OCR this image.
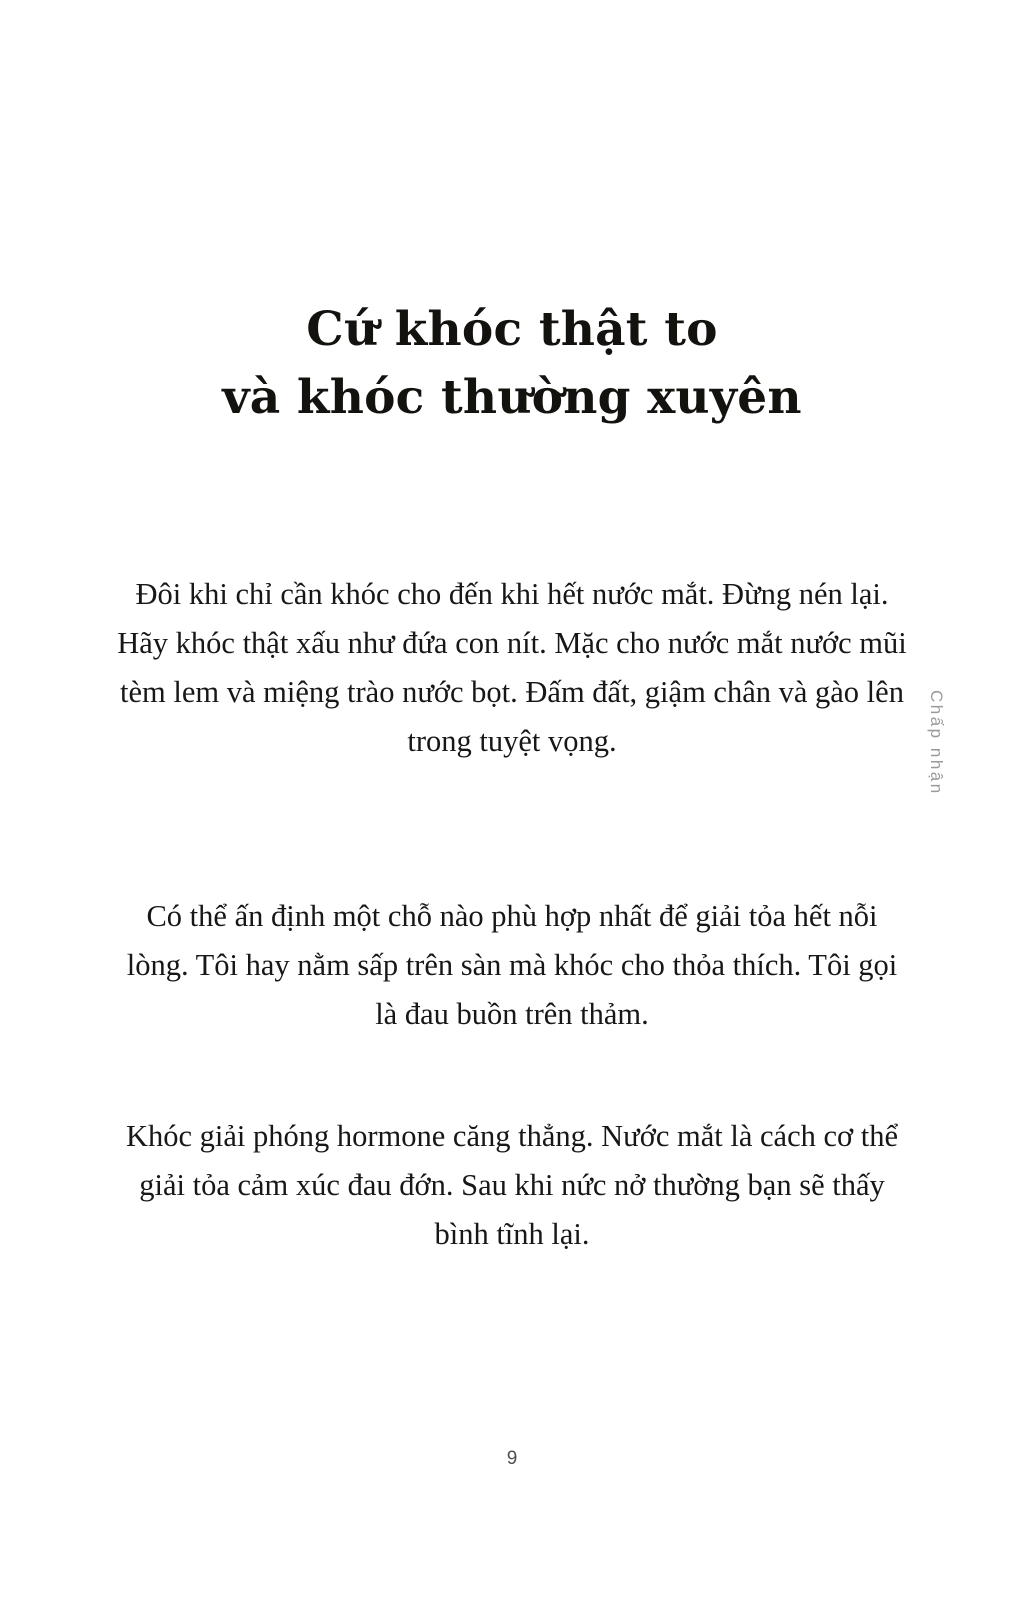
Cứ khóc thật to
và khóc thường xuyên

Đôi khi chỉ cần khóc cho đến khi hết nước mắt. Đừng nén lại. Hãy khóc thật xấu như đứa con nít. Mặc cho nước mắt nước mũi tèm lem và miệng trào nước bọt. Đấm đất, giậm chân và gào lên trong tuyệt vọng.

Có thể ấn định một chỗ nào phù hợp nhất để giải tỏa hết nỗi lòng. Tôi hay nằm sấp trên sàn mà khóc cho thỏa thích. Tôi gọi là đau buồn trên thảm.

Khóc giải phóng hormone căng thẳng. Nước mắt là cách cơ thể giải tỏa cảm xúc đau đớn. Sau khi nức nở thường bạn sẽ thấy bình tĩnh lại.

Chấp nhận
9
